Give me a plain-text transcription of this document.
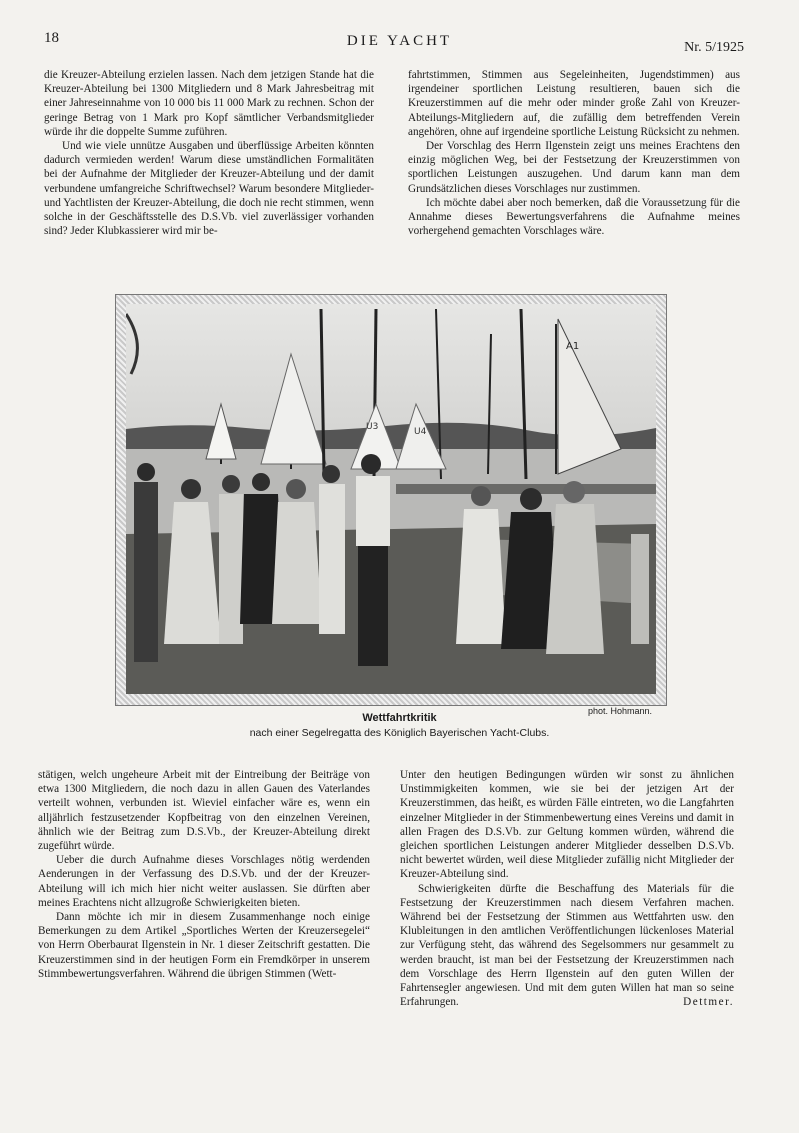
18	DIE YACHT	Nr. 5/1925

die Kreuzer-Abteilung erzielen lassen. Nach dem jetzigen Stande hat die Kreuzer-Abteilung bei 1300 Mitgliedern und 8 Mark Jahresbeitrag mit einer Jahreseinnahme von 10 000 bis 11 000 Mark zu rechnen. Schon der geringe Betrag von 1 Mark pro Kopf sämtlicher Verbandsmitglieder würde ihr die doppelte Summe zuführen.

Und wie viele unnütze Ausgaben und überflüssige Arbeiten könnten dadurch vermieden werden! Warum diese umständlichen Formalitäten bei der Aufnahme der Mitglieder der Kreuzer-Abteilung und der damit verbundene umfangreiche Schriftwechsel? Warum besondere Mitglieder- und Yachtlisten der Kreuzer-Abteilung, die doch nie recht stimmen, wenn solche in der Geschäftsstelle des D.S.Vb. viel zuverlässiger vorhanden sind? Jeder Klubkassierer wird mir be-

fahrtstimmen, Stimmen aus Segeleinheiten, Jugendstimmen) aus irgendeiner sportlichen Leistung resultieren, bauen sich die Kreuzerstimmen auf die mehr oder minder große Zahl von Kreuzer-Abteilungs-Mitgliedern auf, die zufällig dem betreffenden Verein angehören, ohne auf irgendeine sportliche Leistung Rücksicht zu nehmen.

Der Vorschlag des Herrn Ilgenstein zeigt uns meines Erachtens den einzig möglichen Weg, bei der Festsetzung der Kreuzerstimmen von sportlichen Leistungen auszugehen. Und darum kann man dem Grundsätzlichen dieses Vorschlages nur zustimmen.

Ich möchte dabei aber noch bemerken, daß die Voraussetzung für die Annahme dieses Bewertungsverfahrens die Aufnahme meines vorhergehend gemachten Vorschlages wäre.

U3	U4
A1
phot. Hohmann.
Wettfahrtkritik
nach einer Segelregatta des Königlich Bayerischen Yacht-Clubs.

stätigen, welch ungeheure Arbeit mit der Eintreibung der Beiträge von etwa 1300 Mitgliedern, die noch dazu in allen Gauen des Vaterlandes verteilt wohnen, verbunden ist. Wieviel einfacher wäre es, wenn ein alljährlich festzusetzender Kopfbeitrag von den einzelnen Vereinen, ähnlich wie der Beitrag zum D.S.Vb., der Kreuzer-Abteilung direkt zugeführt würde.

Ueber die durch Aufnahme dieses Vorschlages nötig werdenden Aenderungen in der Verfassung des D.S.Vb. und der der Kreuzer-Abteilung will ich mich hier nicht weiter auslassen. Sie dürften aber meines Erachtens nicht allzugroße Schwierigkeiten bieten.

Dann möchte ich mir in diesem Zusammenhange noch einige Bemerkungen zu dem Artikel „Sportliches Werten der Kreuzersegelei“ von Herrn Oberbaurat Ilgenstein in Nr. 1 dieser Zeitschrift gestatten. Die Kreuzerstimmen sind in der heutigen Form ein Fremdkörper in unserem Stimmbewertungsverfahren. Während die übrigen Stimmen (Wett-

Unter den heutigen Bedingungen würden wir sonst zu ähnlichen Unstimmigkeiten kommen, wie sie bei der jetzigen Art der Kreuzerstimmen, das heißt, es würden Fälle eintreten, wo die Langfahrten einzelner Mitglieder in der Stimmenbewertung eines Vereins und damit in allen Fragen des D.S.Vb. zur Geltung kommen würden, während die gleichen sportlichen Leistungen anderer Mitglieder desselben D.S.Vb. nicht bewertet würden, weil diese Mitglieder zufällig nicht Mitglieder der Kreuzer-Abteilung sind.

Schwierigkeiten dürfte die Beschaffung des Materials für die Festsetzung der Kreuzerstimmen nach diesem Verfahren machen. Während bei der Festsetzung der Stimmen aus Wettfahrten usw. den Klubleitungen in den amtlichen Veröffentlichungen lückenloses Material zur Verfügung steht, das während des Segelsommers nur gesammelt zu werden braucht, ist man bei der Festsetzung der Kreuzerstimmen nach dem Vorschlage des Herrn Ilgenstein auf den guten Willen der Fahrtensegler angewiesen. Und mit dem guten Willen hat man so seine Erfahrungen.	Dettmer.
